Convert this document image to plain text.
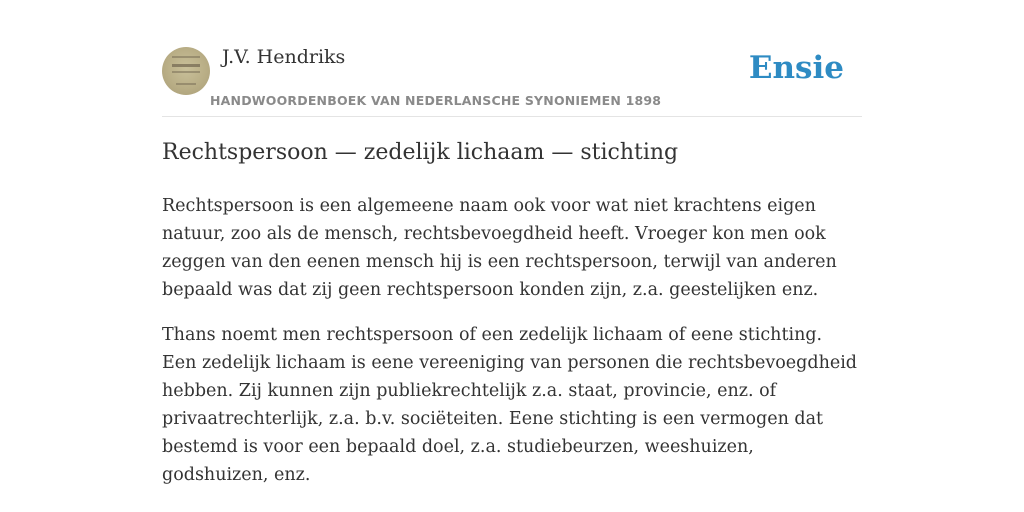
J.V. Hendriks
HANDWOORDENBOEK VAN NEDERLANSCHE SYNONIEMEN 1898
Ensie
Rechtspersoon — zedelijk lichaam — stichting

Rechtspersoon is een algemeene naam ook voor wat niet krachtens eigen natuur, zoo als de mensch, rechtsbevoegdheid heeft. Vroeger kon men ook zeggen van den eenen mensch hij is een rechtspersoon, terwijl van anderen bepaald was dat zij geen rechtspersoon konden zijn, z.a. geestelijken enz.

Thans noemt men rechtspersoon of een zedelijk lichaam of eene stichting. Een zedelijk lichaam is eene vereeniging van personen die rechtsbevoegdheid hebben. Zij kunnen zijn publiekrechtelijk z.a. staat, provincie, enz. of privaatrechterlijk, z.a. b.v. sociëteiten. Eene stichting is een vermogen dat bestemd is voor een bepaald doel, z.a. studiebeurzen, weeshuizen, godshuizen, enz.
